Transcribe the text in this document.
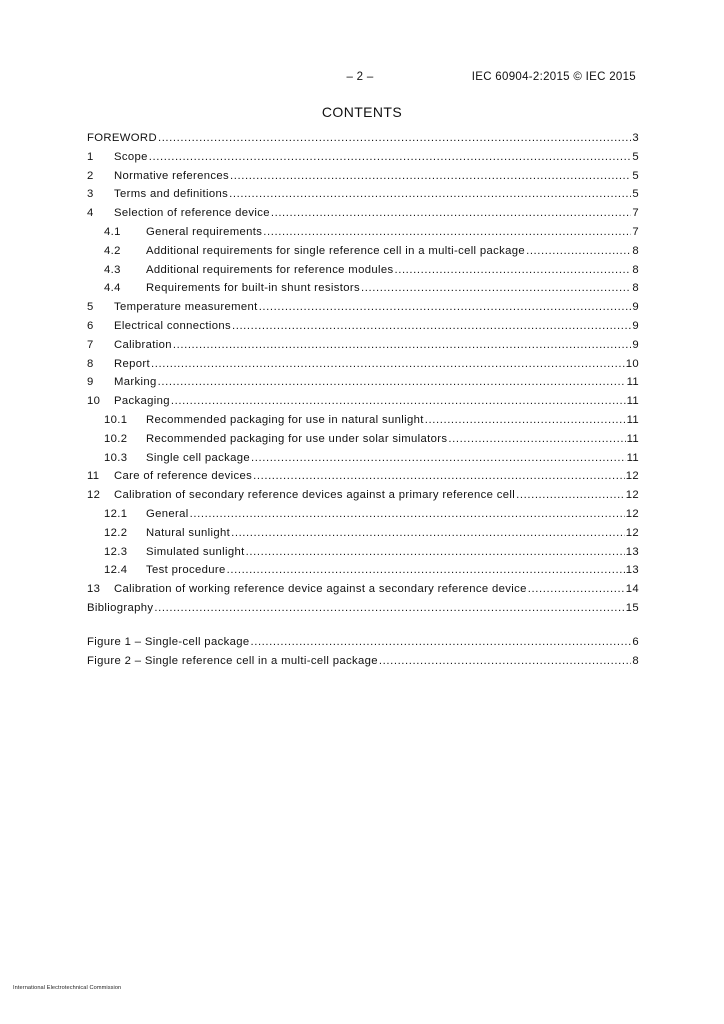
– 2 –	IEC 60904-2:2015 © IEC 2015
CONTENTS
FOREWORD .....	3
1	Scope .....	5
2	Normative references .....	5
3	Terms and definitions .....	5
4	Selection of reference device .....	7
4.1	General requirements .....	7
4.2	Additional requirements for single reference cell in a multi-cell package .....	8
4.3	Additional requirements for reference modules .....	8
4.4	Requirements for built-in shunt resistors .....	8
5	Temperature measurement .....	9
6	Electrical connections .....	9
7	Calibration .....	9
8	Report .....	10
9	Marking .....	11
10	Packaging .....	11
10.1	Recommended packaging for use in natural sunlight .....	11
10.2	Recommended packaging for use under solar simulators .....	11
10.3	Single cell package .....	11
11	Care of reference devices .....	12
12	Calibration of secondary reference devices against a primary reference cell .....	12
12.1	General .....	12
12.2	Natural sunlight .....	12
12.3	Simulated sunlight .....	13
12.4	Test procedure .....	13
13	Calibration of working reference device against a secondary reference device .....	14
Bibliography .....	15
Figure 1 – Single-cell package .....	6
Figure 2 – Single reference cell in a multi-cell package .....	8
International Electrotechnical Commission
